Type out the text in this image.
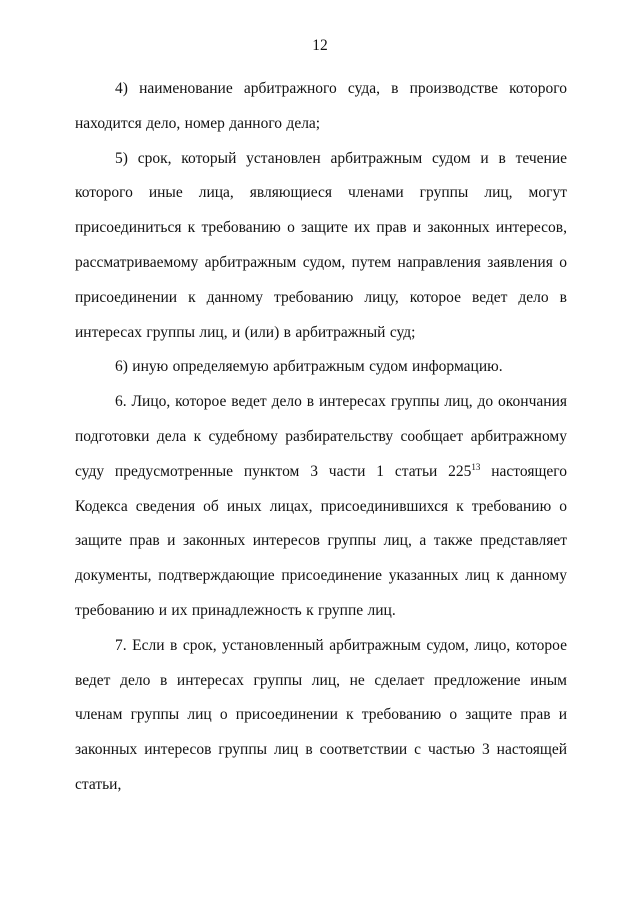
12

4) наименование арбитражного суда, в производстве которого находится дело, номер данного дела;

5) срок, который установлен арбитражным судом и в течение которого иные лица, являющиеся членами группы лиц, могут присоединиться к требованию о защите их прав и законных интересов, рассматриваемому арбитражным судом, путем направления заявления о присоединении к данному требованию лицу, которое ведет дело в интересах группы лиц, и (или) в арбитражный суд;

6) иную определяемую арбитражным судом информацию.

6. Лицо, которое ведет дело в интересах группы лиц, до окончания подготовки дела к судебному разбирательству сообщает арбитражному суду предусмотренные пунктом 3 части 1 статьи $225^{13}$ настоящего Кодекса сведения об иных лицах, присоединившихся к требованию о защите прав и законных интересов группы лиц, а также представляет документы, подтверждающие присоединение указанных лиц к данному требованию и их принадлежность к группе лиц.

7. Если в срок, установленный арбитражным судом, лицо, которое ведет дело в интересах группы лиц, не сделает предложение иным членам группы лиц о присоединении к требованию о защите прав и законных интересов группы лиц в соответствии с частью 3 настоящей статьи,
